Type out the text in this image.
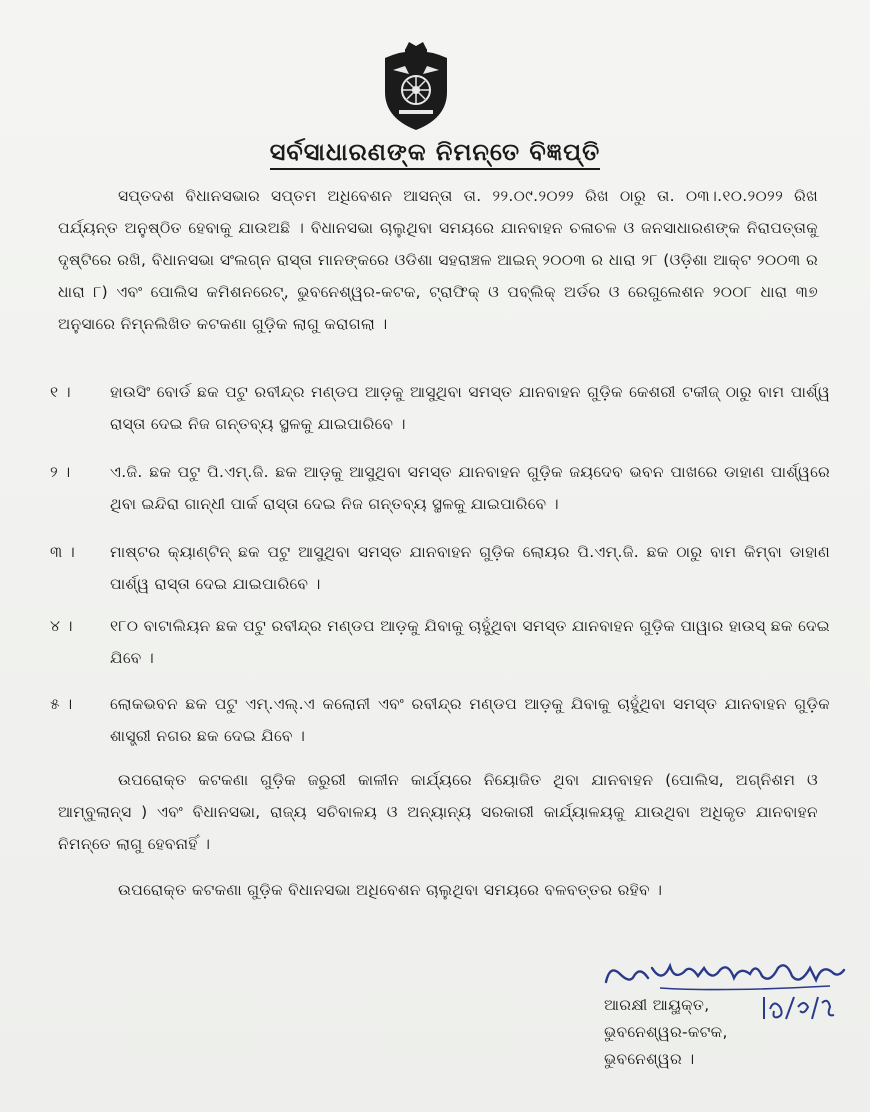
ସର୍ବସାଧାରଣଙ୍କ ନିମନ୍ତେ ବିଜ୍ଞପ୍ତି
ସପ୍ତଦଶ ବିଧାନସଭାର ସପ୍ତମ ଅଧିବେଶନ ଆସନ୍ତା ତା. ୨୨.୦୯.୨୦୨୨ ରିଖ ଠାରୁ ତା. ୦୩।.୧୦.୨୦୨୨ ରିଖ ପର୍ଯ୍ୟନ୍ତ ଅନୁଷ୍ଠିତ ହେବାକୁ ଯାଉଅଛି । ବିଧାନସଭା ଚାଲୁଥିବା ସମୟରେ ଯାନବାହନ ଚଳାଚଳ ଓ ଜନସାଧାରଣଙ୍କ ନିରାପତ୍ତାକୁ ଦୃଷ୍ଟିରେ ରଖି, ବିଧାନସଭା ସଂଲଗ୍ନ ରାସ୍ତା ମାନଙ୍କରେ ଓଡିଶା ସହରାଞ୍ଚଳ ଆଇନ୍ ୨୦୦୩ ର ଧାରା ୨୮ (ଓଡ଼ିଶା ଆକ୍ଟ ୨୦୦୩ ର ଧାରା ୮) ଏବଂ ପୋଲିସ କମିଶନରେଟ୍, ଭୁବନେଶ୍ୱର-କଟକ, ଟ୍ରାଫିକ୍ ଓ ପବ୍ଲିକ୍ ଅର୍ଡର ଓ ରେଗୁଲେଶନ ୨୦୦୮ ଧାରା ୩୭ ଅନୁସାରେ ନିମ୍ନଲିଖିତ କଟକଣା ଗୁଡ଼ିକ ଲାଗୁ କରାଗଲା ।
୧ ।	ହାଉସିଂ ବୋର୍ଡ ଛକ ପଟୁ ରବୀନ୍ଦ୍ର ମଣ୍ଡପ ଆଡ଼କୁ ଆସୁଥିବା ସମସ୍ତ ଯାନବାହନ ଗୁଡ଼ିକ କେଶରୀ ଟକୀଜ୍ ଠାରୁ ବାମ ପାର୍ଶ୍ୱ ରାସ୍ତା ଦେଇ ନିଜ ଗନ୍ତବ୍ୟ ସ୍ଥଳକୁ ଯାଇପାରିବେ ।
୨ ।	ଏ.ଜି. ଛକ ପଟୁ ପି.ଏମ୍.ଜି. ଛକ ଆଡ଼କୁ ଆସୁଥିବା ସମସ୍ତ ଯାନବାହନ ଗୁଡ଼ିକ ଜୟଦେବ ଭବନ ପାଖରେ ଡାହାଣ ପାର୍ଶ୍ୱରେ ଥିବା ଇନ୍ଦିରା ଗାନ୍ଧୀ ପାର୍କ ରାସ୍ତା ଦେଇ ନିଜ ଗନ୍ତବ୍ୟ ସ୍ଥଳକୁ ଯାଇପାରିବେ ।
୩ ।	ମାଷ୍ଟର କ୍ୟାଣ୍ଟିନ୍ ଛକ ପଟୁ ଆସୁଥିବା ସମସ୍ତ ଯାନବାହନ ଗୁଡ଼ିକ ଲୋୟର ପି.ଏମ୍.ଜି. ଛକ ଠାରୁ ବାମ କିମ୍ବା ଡାହାଣ ପାର୍ଶ୍ୱ ରାସ୍ତା ଦେଇ ଯାଇପାରିବେ ।
୪ ।	୧୮୦ ବାଟାଲିୟନ ଛକ ପଟୁ ରବୀନ୍ଦ୍ର ମଣ୍ଡପ ଆଡ଼କୁ ଯିବାକୁ ଚାହୁଁଥିବା ସମସ୍ତ ଯାନବାହନ ଗୁଡ଼ିକ ପାୱାର ହାଉସ୍ ଛକ ଦେଇ ଯିବେ ।
୫ ।	ଲୋକଭବନ ଛକ ପଟୁ ଏମ୍.ଏଲ୍.ଏ କଲୋନୀ ଏବଂ ରବୀନ୍ଦ୍ର ମଣ୍ଡପ ଆଡ଼କୁ ଯିବାକୁ ଚାହୁଁଥିବା ସମସ୍ତ ଯାନବାହନ ଗୁଡ଼ିକ ଶାସ୍ତ୍ରୀ ନଗର ଛକ ଦେଇ ଯିବେ ।
ଉପରୋକ୍ତ କଟକଣା ଗୁଡ଼ିକ ଜରୁରୀ କାଳୀନ କାର୍ଯ୍ୟରେ ନିୟୋଜିତ ଥିବା ଯାନବାହନ (ପୋଲିସ, ଅଗ୍ନିଶମ ଓ ଆମ୍ବୁଲାନ୍ସ ) ଏବଂ ବିଧାନସଭା, ରାଜ୍ୟ ସଚିବାଳୟ ଓ ଅନ୍ୟାନ୍ୟ ସରକାରୀ କାର୍ଯ୍ୟାଳୟକୁ ଯାଉଥିବା ଅଧିକୃତ ଯାନବାହନ ନିମନ୍ତେ ଲାଗୁ ହେବନାହିଁ ।
ଉପରୋକ୍ତ କଟକଣା ଗୁଡ଼ିକ ବିଧାନସଭା ଅଧିବେଶନ ଚାଲୁଥିବା ସମୟରେ ବଳବତ୍ତର ରହିବ ।
ଆରକ୍ଷୀ ଆୟୁକ୍ତ,
ଭୁବନେଶ୍ୱର-କଟକ,
ଭୁବନେଶ୍ୱର ।
